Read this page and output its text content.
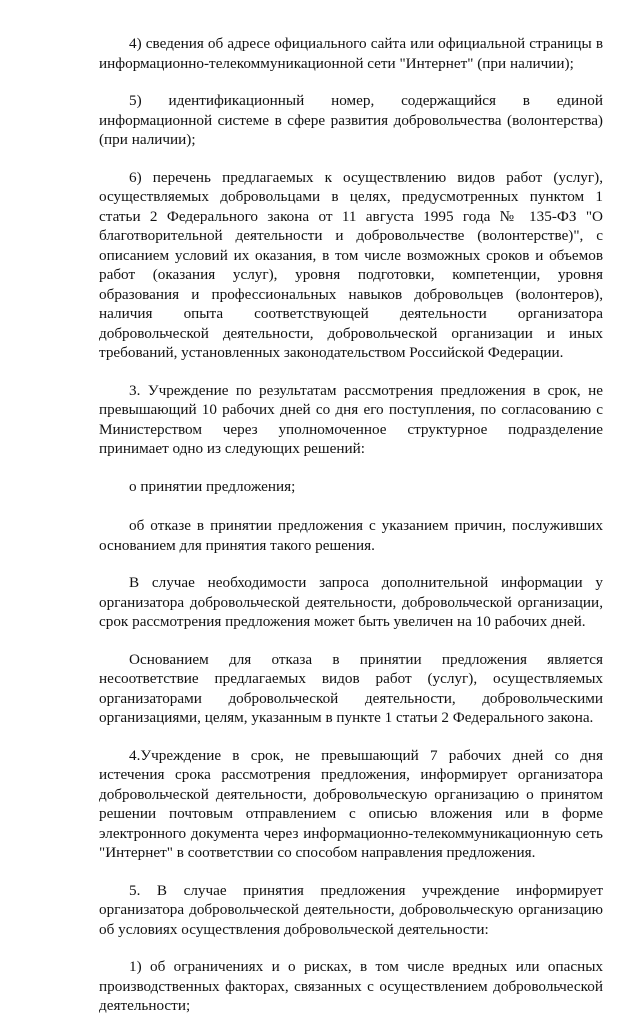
4) сведения об адресе официального сайта или официальной страницы в информационно-телекоммуникационной сети "Интернет" (при наличии);

5) идентификационный номер, содержащийся в единой информационной системе в сфере развития добровольчества (волонтерства) (при наличии);

6) перечень предлагаемых к осуществлению видов работ (услуг), осуществляемых добровольцами в целях, предусмотренных пунктом 1 статьи 2 Федерального закона от 11 августа 1995 года № 135-ФЗ "О благотворительной деятельности и добровольчестве (волонтерстве)", с описанием условий их оказания, в том числе возможных сроков и объемов работ (оказания услуг), уровня подготовки, компетенции, уровня образования и профессиональных навыков добровольцев (волонтеров), наличия опыта соответствующей деятельности организатора добровольческой деятельности, добровольческой организации и иных требований, установленных законодательством Российской Федерации.

3. Учреждение по результатам рассмотрения предложения в срок, не превышающий 10 рабочих дней со дня его поступления, по согласованию с Министерством через уполномоченное структурное подразделение принимает одно из следующих решений:

о принятии предложения;

об отказе в принятии предложения с указанием причин, послуживших основанием для принятия такого решения.

В случае необходимости запроса дополнительной информации у организатора добровольческой деятельности, добровольческой организации, срок рассмотрения предложения может быть увеличен на 10 рабочих дней.

Основанием для отказа в принятии предложения является несоответствие предлагаемых видов работ (услуг), осуществляемых организаторами добровольческой деятельности, добровольческими организациями, целям, указанным в пункте 1 статьи 2 Федерального закона.

4.Учреждение в срок, не превышающий 7 рабочих дней со дня истечения срока рассмотрения предложения, информирует организатора добровольческой деятельности, добровольческую организацию о принятом решении почтовым отправлением с описью вложения или в форме электронного документа через информационно-телекоммуникационную сеть "Интернет" в соответствии со способом направления предложения.

5. В случае принятия предложения учреждение информирует организатора добровольческой деятельности, добровольческую организацию об условиях осуществления добровольческой деятельности:

1) об ограничениях и о рисках, в том числе вредных или опасных производственных факторах, связанных с осуществлением добровольческой деятельности;
